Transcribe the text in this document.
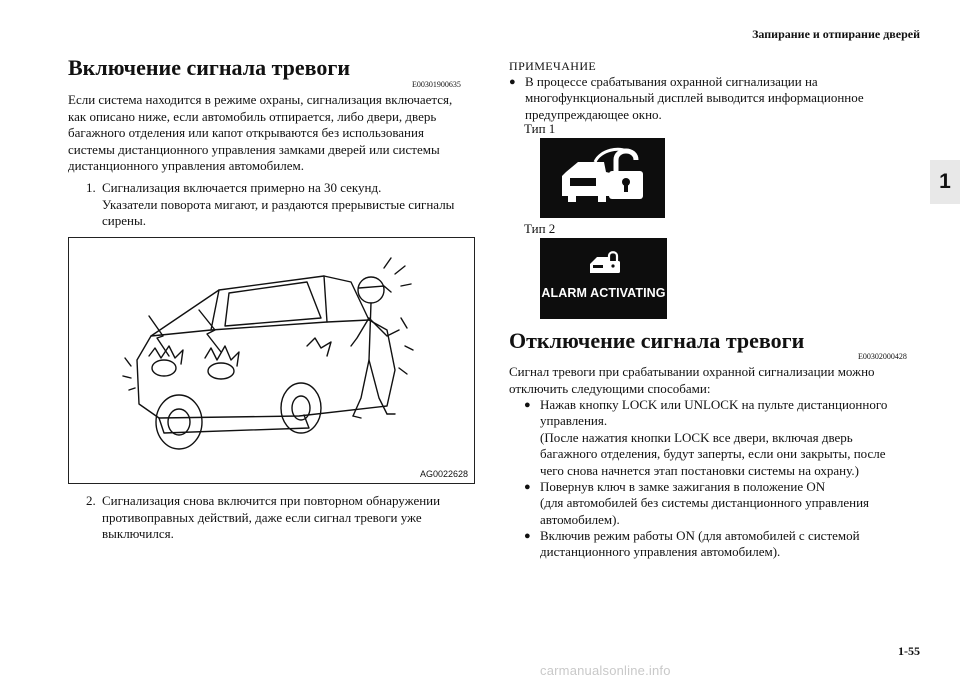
Запирание и отпирание дверей
1
Включение сигнала тревоги
E00301900635
Если система находится в режиме охраны, сигнализация включается,
как описано ниже, если автомобиль отпирается, либо двери, дверь
багажного отделения или капот открываются без использования
системы дистанционного управления замками дверей или системы
дистанционного управления автомобилем.
1. Сигнализация включается примерно на 30 секунд.
Указатели поворота мигают, и раздаются прерывистые сигналы
сирены.
AG0022628
2. Сигнализация снова включится при повторном обнаружении
противоправных действий, даже если сигнал тревоги уже
выключился.
ПРИМЕЧАНИЕ
● В процессе срабатывания охранной сигнализации на
многофункциональный дисплей выводится информационное
предупреждающее окно.
Тип 1
Тип 2
ALARM ACTIVATING
Отключение сигнала тревоги
E00302000428
Сигнал тревоги при срабатывании охранной сигнализации можно
отключить следующими способами:
● Нажав кнопку LOCK или UNLOCK на пульте дистанционного
управления.
(После нажатия кнопки LOCK все двери, включая дверь
багажного отделения, будут заперты, если они закрыты, после
чего снова начнется этап постановки системы на охрану.)
● Повернув ключ в замке зажигания в положение ON
(для автомобилей без системы дистанционного управления
автомобилем).
● Включив режим работы ON (для автомобилей с системой
дистанционного управления автомобилем).
1-55
carmanualsonline.info
